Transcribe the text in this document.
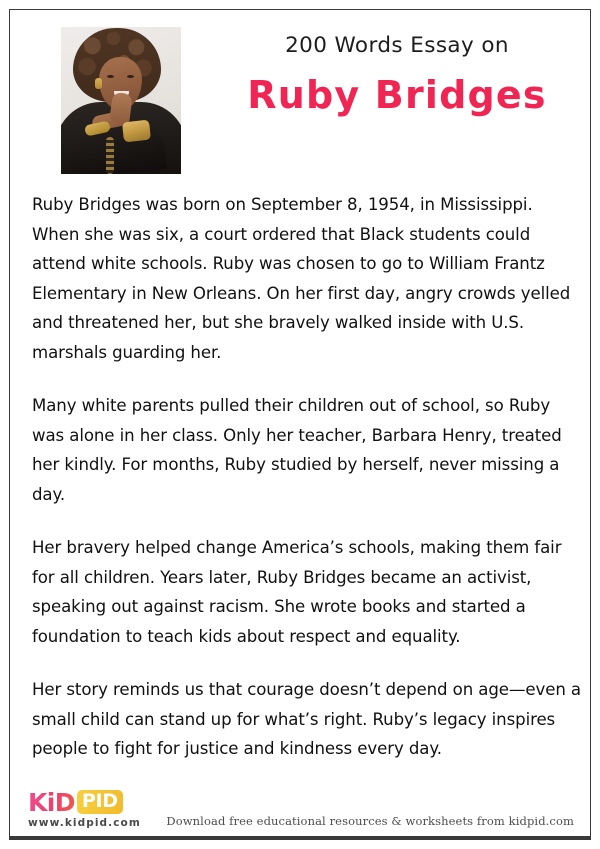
200 Words Essay on
Ruby Bridges

Ruby Bridges was born on September 8, 1954, in Mississippi. When she was six, a court ordered that Black students could attend white schools. Ruby was chosen to go to William Frantz Elementary in New Orleans. On her first day, angry crowds yelled and threatened her, but she bravely walked inside with U.S. marshals guarding her.

Many white parents pulled their children out of school, so Ruby was alone in her class. Only her teacher, Barbara Henry, treated her kindly. For months, Ruby studied by herself, never missing a day.

Her bravery helped change America’s schools, making them fair for all children. Years later, Ruby Bridges became an activist, speaking out against racism. She wrote books and started a foundation to teach kids about respect and equality.

Her story reminds us that courage doesn’t depend on age—even a small child can stand up for what’s right. Ruby’s legacy inspires people to fight for justice and kindness every day.

KiD PID
www.kidpid.com	Download free educational resources & worksheets from kidpid.com
